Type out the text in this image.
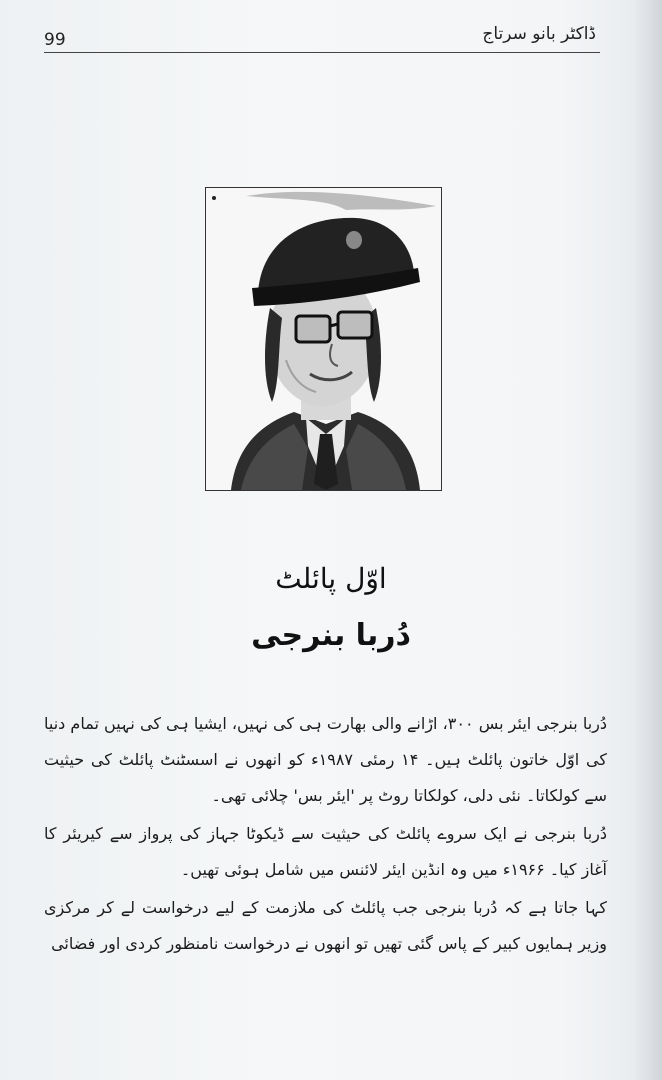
99	ڈاکٹر بانو سرتاج
اوّل پائلٹ
دُربا بنرجی

دُربا بنرجی ایئر بس ۳۰۰، اڑانے والی بھارت ہی کی نہیں، ایشیا ہی کی نہیں تمام دنیا کی اوّل خاتون پائلٹ ہیں۔ ۱۴ رمئی ۱۹۸۷ء کو انھوں نے اسسٹنٹ پائلٹ کی حیثیت سے کولکاتا۔ نئی دلی، کولکاتا روٹ پر 'ایئر بس' چلائی تھی۔

دُربا بنرجی نے ایک سروے پائلٹ کی حیثیت سے ڈیکوٹا جہاز کی پرواز سے کیریئر کا آغاز کیا۔ ۱۹۶۶ء میں وہ انڈین ایئر لائنس میں شامل ہوئی تھیں۔

کہا جاتا ہے کہ دُربا بنرجی جب پائلٹ کی ملازمت کے لیے درخواست لے کر مرکزی وزیر ہمایوں کبیر کے پاس گئی تھیں تو انھوں نے درخواست نامنظور کردی اور فضائی
